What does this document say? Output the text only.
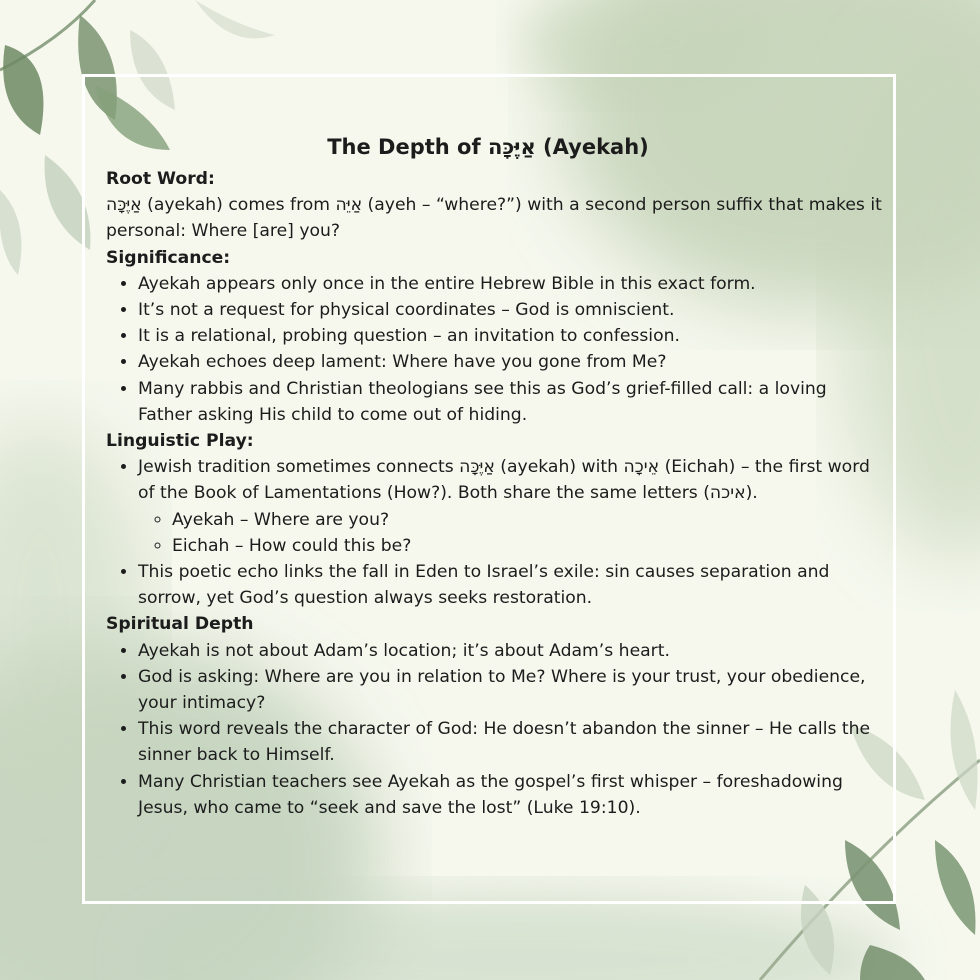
The Depth of אַיֶּכָּה (Ayekah)

Root Word:

אַיֶּכָּה (ayekah) comes from אַיֵּה (ayeh – “where?”) with a second person suffix that makes it personal: Where [are] you?

Significance:

• Ayekah appears only once in the entire Hebrew Bible in this exact form.
• It’s not a request for physical coordinates – God is omniscient.
• It is a relational, probing question – an invitation to confession.
• Ayekah echoes deep lament: Where have you gone from Me?
• Many rabbis and Christian theologians see this as God’s grief-filled call: a loving Father asking His child to come out of hiding.

Linguistic Play:

• Jewish tradition sometimes connects אַיֶּכָּה (ayekah) with אֵיכָה (Eichah) – the first word of the Book of Lamentations (How?). Both share the same letters (איכה).
◦ Ayekah – Where are you?
◦ Eichah – How could this be?
• This poetic echo links the fall in Eden to Israel’s exile: sin causes separation and sorrow, yet God’s question always seeks restoration.

Spiritual Depth

• Ayekah is not about Adam’s location; it’s about Adam’s heart.
• God is asking: Where are you in relation to Me? Where is your trust, your obedience, your intimacy?
• This word reveals the character of God: He doesn’t abandon the sinner – He calls the sinner back to Himself.
• Many Christian teachers see Ayekah as the gospel’s first whisper – foreshadowing Jesus, who came to “seek and save the lost” (Luke 19:10).
